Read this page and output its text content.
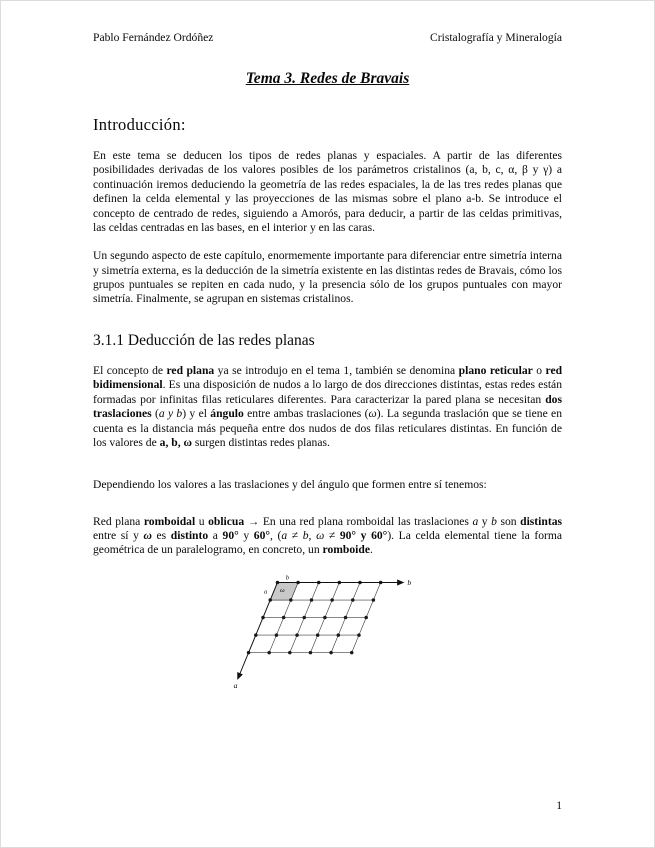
Pablo Fernández Ordóñez	Cristalografía y Mineralogía
Tema 3. Redes de Bravais
Introducción:

En este tema se deducen los tipos de redes planas y espaciales. A partir de las diferentes posibilidades derivadas de los valores posibles de los parámetros cristalinos (a, b, c, α, β y γ) a continuación iremos deduciendo la geometría de las redes espaciales, la de las tres redes planas que definen la celda elemental y las proyecciones de las mismas sobre el plano a-b. Se introduce el concepto de centrado de redes, siguiendo a Amorós, para deducir, a partir de las celdas primitivas, las celdas centradas en las bases, en el interior y en las caras.

Un segundo aspecto de este capítulo, enormemente importante para diferenciar entre simetría interna y simetría externa, es la deducción de la simetría existente en las distintas redes de Bravais, cómo los grupos puntuales se repiten en cada nudo, y la presencia sólo de los grupos puntuales con mayor simetría. Finalmente, se agrupan en sistemas cristalinos.

3.1.1 Deducción de las redes planas

El concepto de red plana ya se introdujo en el tema 1, también se denomina plano reticular o red bidimensional. Es una disposición de nudos a lo largo de dos direcciones distintas, estas redes están formadas por infinitas filas reticulares diferentes. Para caracterizar la pared plana se necesitan dos traslaciones (a y b) y el ángulo entre ambas traslaciones (ω). La segunda traslación que se tiene en cuenta es la distancia más pequeña entre dos nudos de dos filas reticulares distintas. En función de los valores de a, b, ω surgen distintas redes planas.

Dependiendo los valores a las traslaciones y del ángulo que formen entre sí tenemos:

Red plana romboidal u oblicua → En una red plana romboidal las traslaciones a y b son distintas entre sí y ω es distinto a 90° y 60°, (a ≠ b, ω ≠ 90° y 60°). La celda elemental tiene la forma geométrica de un paralelogramo, en concreto, un romboide.

b
a
b
a ω
1
